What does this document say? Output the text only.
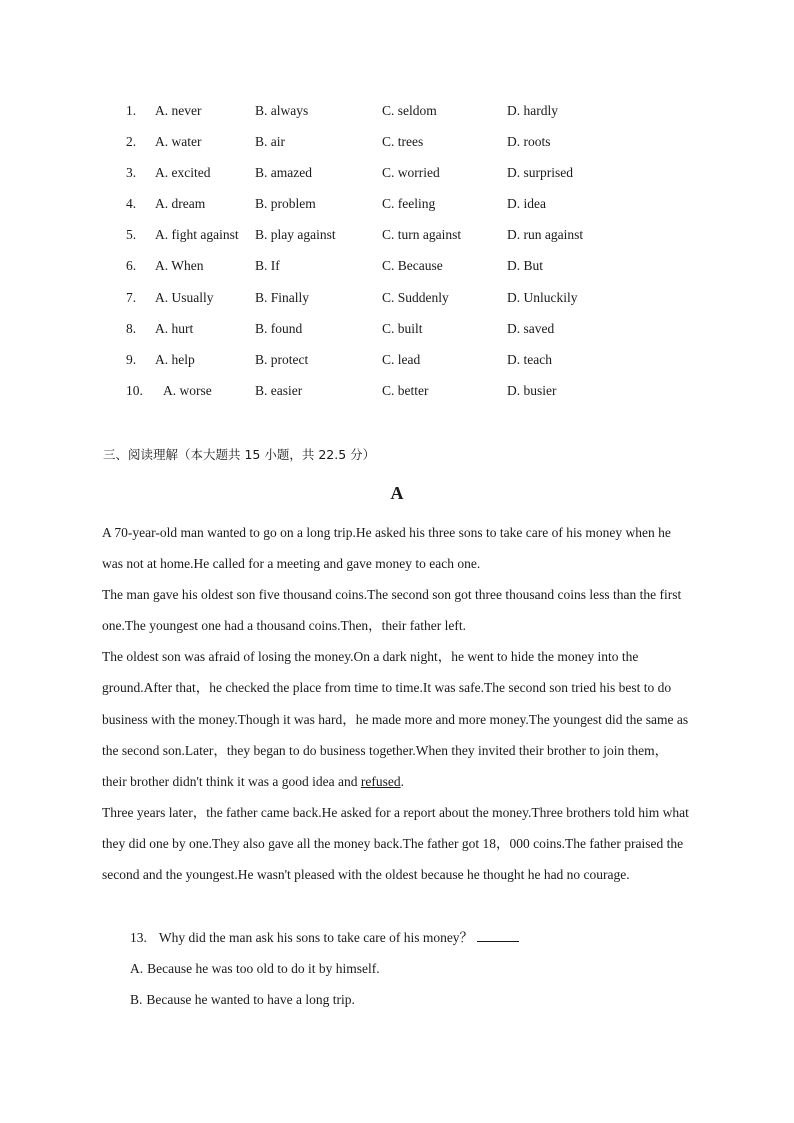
1. A. never	B. always	C. seldom	D. hardly
2. A. water	B. air	C. trees	D. roots
3. A. excited	B. amazed	C. worried	D. surprised
4. A. dream	B. problem	C. feeling	D. idea
5. A. fight against B. play against	C. turn against	D. run against
6. A. When	B. If	C. Because	D. But
7. A. Usually	B. Finally	C. Suddenly	D. Unluckily
8. A. hurt	B. found	C. built	D. saved
9. A. help	B. protect	C. lead	D. teach
10. A. worse	B. easier	C. better	D. busier
三、阅读理解（本大题共 15 小题，共 22.5 分）
A

A 70-year-old man wanted to go on a long trip.He asked his three sons to take care of his money when he was not at home.He called for a meeting and gave money to each one.

The man gave his oldest son five thousand coins.The second son got three thousand coins less than the first one.The youngest one had a thousand coins.Then，their father left.

The oldest son was afraid of losing the money.On a dark night，he went to hide the money into the ground.After that，he checked the place from time to time.It was safe.The second son tried his best to do business with the money.Though it was hard，he made more and more money.The youngest did the same as the second son.Later，they began to do business together.When they invited their brother to join them，their brother didn't think it was a good idea and refused.

Three years later，the father came back.He asked for a report about the money.Three brothers told him what they did one by one.They also gave all the money back.The father got 18，000 coins.The father praised the second and the youngest.He wasn't pleased with the oldest because he thought he had no courage.

13. Why did the man ask his sons to take care of his money？
A. Because he was too old to do it by himself.
B. Because he wanted to have a long trip.
